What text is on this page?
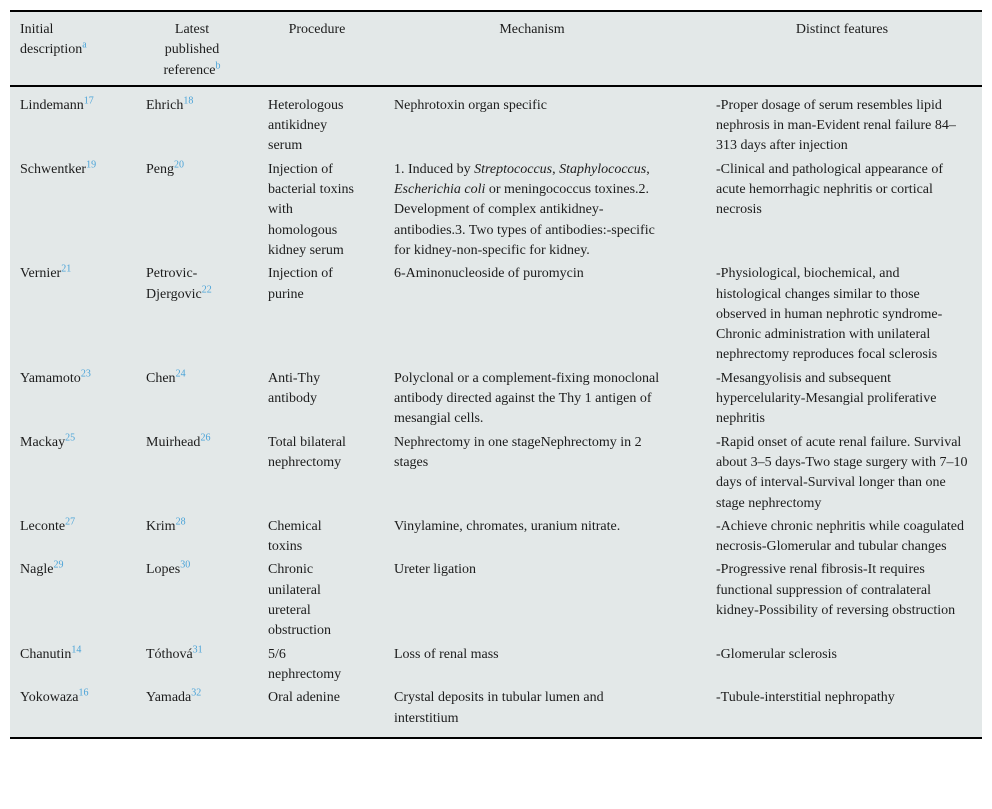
Initial description$^a$	Latest published reference$^b$	Procedure	Mechanism	Distinct features
Lindemann$^{17}$	Ehrich$^{18}$	Heterologous antikidney serum	Nephrotoxin organ specific	-Proper dosage of serum resembles lipid nephrosis in man-Evident renal failure 84–313 days after injection
Schwentker$^{19}$	Peng$^{20}$	Injection of bacterial toxins with homologous kidney serum	1. Induced by Streptococcus, Staphylococcus, Escherichia coli or meningococcus toxines.2. Development of complex antikidney-antibodies.3. Two types of antibodies:-specific for kidney-non-specific for kidney.	-Clinical and pathological appearance of acute hemorrhagic nephritis or cortical necrosis
Vernier$^{21}$	Petrovic-Djergovic$^{22}$	Injection of purine	6-Aminonucleoside of puromycin	-Physiological, biochemical, and histological changes similar to those observed in human nephrotic syndrome-Chronic administration with unilateral nephrectomy reproduces focal sclerosis
Yamamoto$^{23}$	Chen$^{24}$	Anti-Thy antibody	Polyclonal or a complement-fixing monoclonal antibody directed against the Thy 1 antigen of mesangial cells.	-Mesangyolisis and subsequent hypercelularity-Mesangial proliferative nephritis
Mackay$^{25}$	Muirhead$^{26}$	Total bilateral nephrectomy	Nephrectomy in one stageNephrectomy in 2 stages	-Rapid onset of acute renal failure. Survival about 3–5 days-Two stage surgery with 7–10 days of interval-Survival longer than one stage nephrectomy
Leconte$^{27}$	Krim$^{28}$	Chemical toxins	Vinylamine, chromates, uranium nitrate.	-Achieve chronic nephritis while coagulated necrosis-Glomerular and tubular changes
Nagle$^{29}$	Lopes$^{30}$	Chronic unilateral ureteral obstruction	Ureter ligation	-Progressive renal fibrosis-It requires functional suppression of contralateral kidney-Possibility of reversing obstruction
Chanutin$^{14}$	Tóthová$^{31}$	5/6 nephrectomy	Loss of renal mass	-Glomerular sclerosis
Yokowaza$^{16}$	Yamada$^{32}$	Oral adenine	Crystal deposits in tubular lumen and interstitium	-Tubule-interstitial nephropathy
